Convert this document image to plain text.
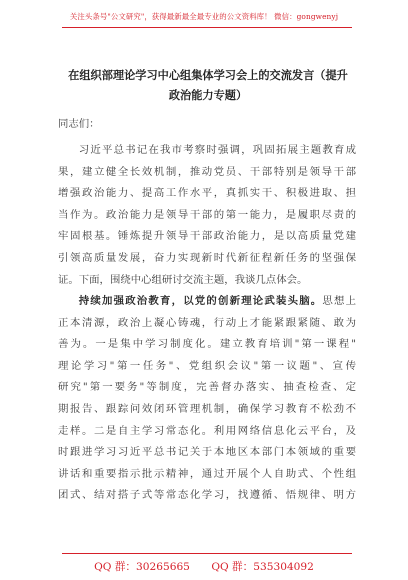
关注头条号"公文研究"，获得最新最全最专业的公文资料库！ 微信：gongwenyj
在组织部理论学习中心组集体学习会上的交流发言（提升
政治能力专题）
同志们：
习近平总书记在我市考察时强调，巩固拓展主题教育成
果，建立健全长效机制，推动党员、干部特别是领导干部
增强政治能力、提高工作水平，真抓实干、积极进取、担
当作为。政治能力是领导干部的第一能力，是履职尽责的
牢固根基。锤炼提升领导干部政治能力，是以高质量党建
引领高质量发展，奋力实现新时代新征程新任务的坚强保
证。下面，围绕中心组研讨交流主题，我谈几点体会。
持续加强政治教育，以党的创新理论武装头脑。思想上
正本清源，政治上凝心铸魂，行动上才能紧跟紧随、敢为
善为。一是集中学习制度化。建立教育培训"第一课程"
理论学习"第一任务"、党组织会议"第一议题"、宣传
研究"第一要务"等制度，完善督办落实、抽查检查、定
期报告、跟踪问效闭环管理机制，确保学习教育不松劲不
走样。二是自主学习常态化。利用网络信息化云平台，及
时跟进学习习近平总书记关于本地区本部门本领域的重要
讲话和重要指示批示精神，通过开展个人自助式、个性组
团式、结对搭子式等常态化学习，找遵循、悟规律、明方
QQ 群：30265665 QQ 群：535304092
